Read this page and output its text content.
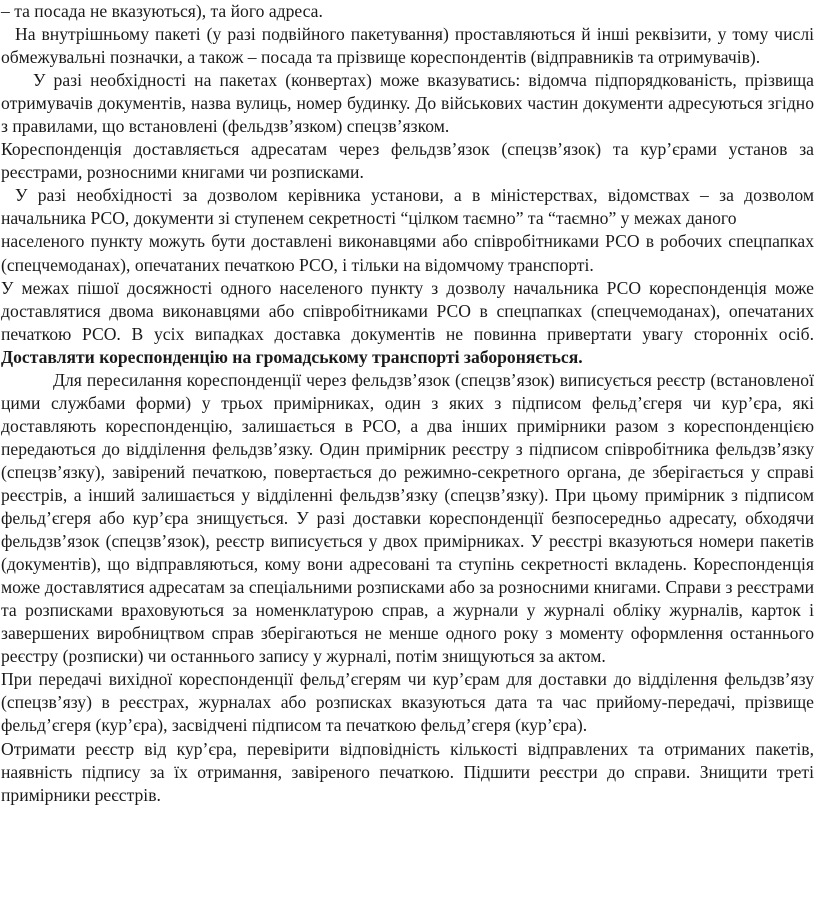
– та посада не вказуються), та його адреса.

На внутрішньому пакеті (у разі подвійного пакетування) проставляються й інші реквізити, у тому числі обмежувальні позначки, а також – посада та прізвище кореспондентів (відправників та отримувачів).

У разі необхідності на пакетах (конвертах) може вказуватись: відомча підпорядкованість, прізвища отримувачів документів, назва вулиць, номер будинку. До військових частин документи адресуються згідно з правилами, що встановлені (фельдзв’язком) спецзв’язком.

Кореспонденція доставляється адресатам через фельдзв’язок (спецзв’язок) та кур’єрами установ за реєстрами, розносними книгами чи розписками.

У разі необхідності за дозволом керівника установи, а в міністерствах, відомствах – за дозволом начальника РСО, документи зі ступенем секретності “цілком таємно” та “таємно” у межах даного

населеного пункту можуть бути доставлені виконавцями або співробітниками РСО в робочих спецпапках (спецчемоданах), опечатаних печаткою РСО, і тільки на відомчому транспорті.

У межах пішої досяжності одного населеного пункту з дозволу начальника РСО кореспонденція може доставлятися двома виконавцями або співробітниками РСО в спецпапках (спецчемоданах), опечатаних печаткою РСО. В усіх випадках доставка документів не повинна привертати увагу сторонніх осіб. Доставляти кореспонденцію на громадському транспорті забороняється.

Для пересилання кореспонденції через фельдзв’язок (спецзв’язок) виписується реєстр (встановленої цими службами форми) у трьох примірниках, один з яких з підписом фельд’єгеря чи кур’єра, які доставляють кореспонденцію, залишається в РСО, а два інших примірники разом з кореспонденцією передаються до відділення фельдзв’язку. Один примірник реєстру з підписом співробітника фельдзв’язку (спецзв’язку), завірений печаткою, повертається до режимно-секретного органа, де зберігається у справі реєстрів, а інший залишається у відділенні фельдзв’язку (спецзв’язку). При цьому примірник з підписом фельд’єгеря або кур’єра знищується. У разі доставки кореспонденції безпосередньо адресату, обходячи фельдзв’язок (спецзв’язок), реєстр виписується у двох примірниках. У реєстрі вказуються номери пакетів (документів), що відправляються, кому вони адресовані та ступінь секретності вкладень. Кореспонденція може доставлятися адресатам за спеціальними розписками або за розносними книгами. Справи з реєстрами та розписками враховуються за номенклатурою справ, а журнали у журналі обліку журналів, карток і завершених виробництвом справ зберігаються не менше одного року з моменту оформлення останнього реєстру (розписки) чи останнього запису у журналі, потім знищуються за актом.

При передачі вихідної кореспонденції фельд’єгерям чи кур’єрам для доставки до відділення фельдзв’язу (спецзв’язу) в реєстрах, журналах або розписках вказуються дата та час прийому-передачі, прізвище фельд’єгеря (кур’єра), засвідчені підписом та печаткою фельд’єгеря (кур’єра).

Отримати реєстр від кур’єра, перевірити відповідність кількості відправлених та отриманих пакетів, наявність підпису за їх отримання, завіреного печаткою. Підшити реєстри до справи. Знищити треті примірники реєстрів.
